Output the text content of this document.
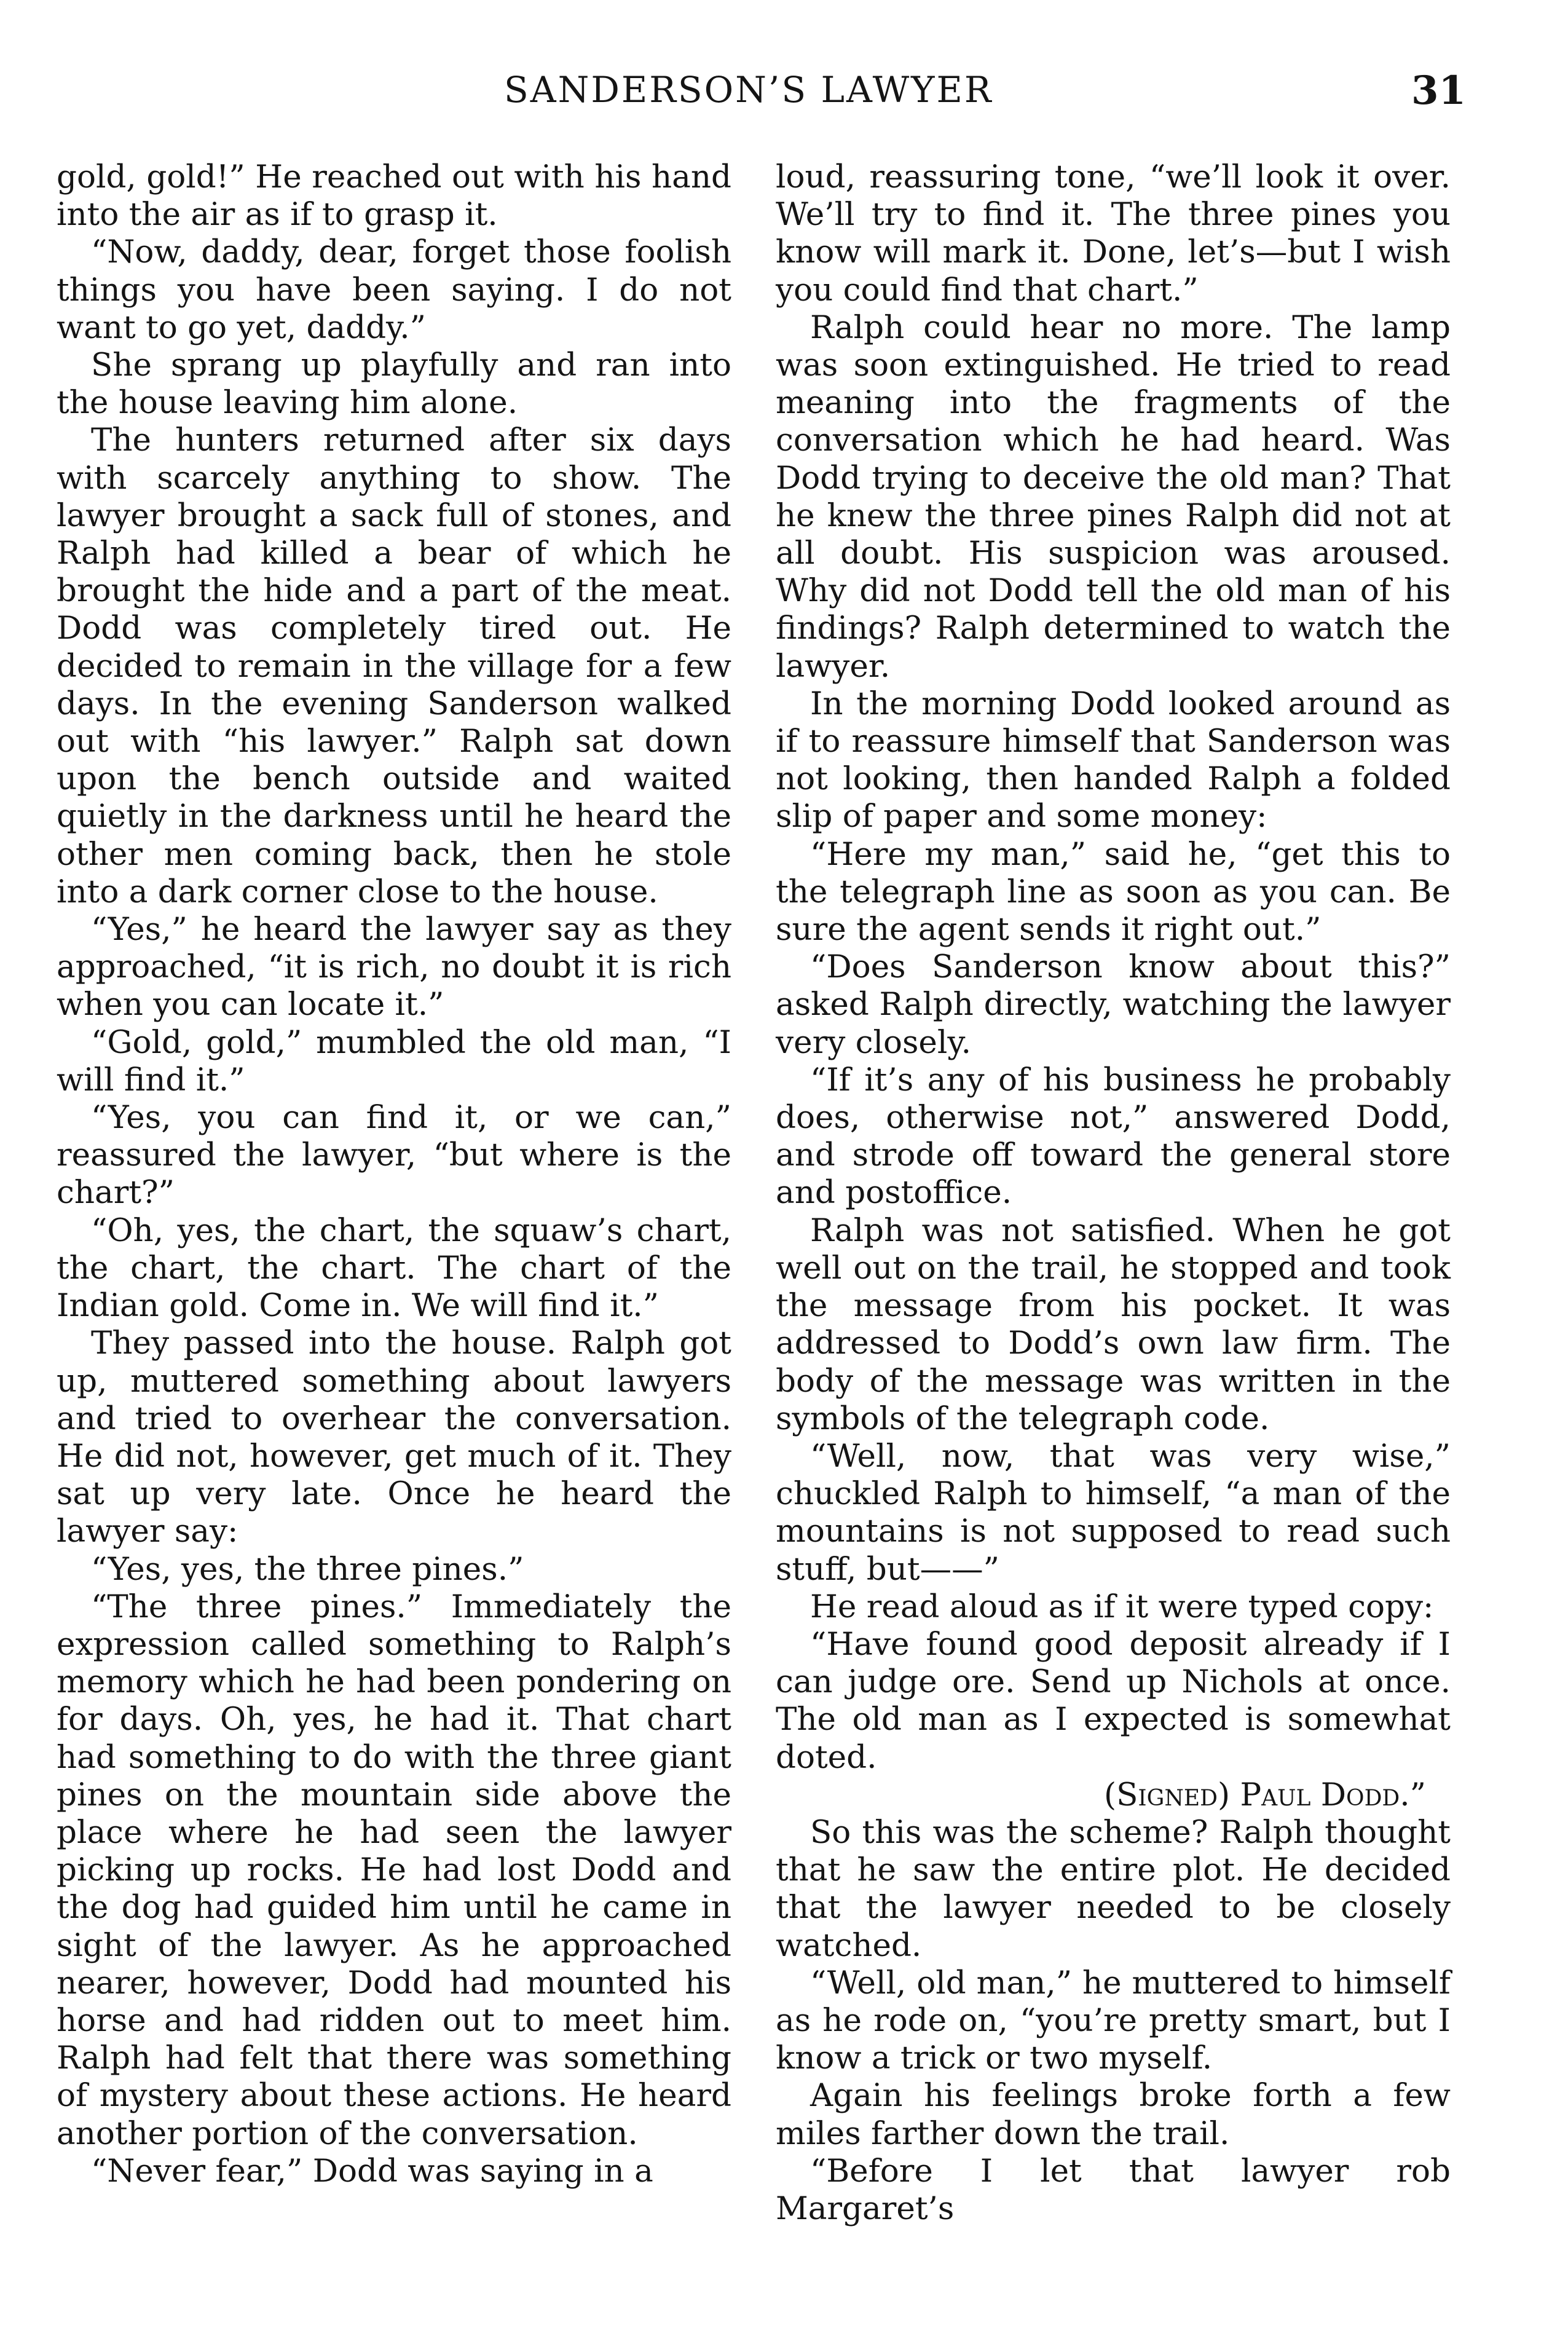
SANDERSON’S LAWYER	31

gold, gold!” He reached out with his hand into the air as if to grasp it.

“Now, daddy, dear, forget those foolish things you have been saying. I do not want to go yet, daddy.”

She sprang up playfully and ran into the house leaving him alone.

The hunters returned after six days with scarcely anything to show. The lawyer brought a sack full of stones, and Ralph had killed a bear of which he brought the hide and a part of the meat. Dodd was completely tired out. He decided to remain in the village for a few days. In the evening Sanderson walked out with “his lawyer.” Ralph sat down upon the bench outside and waited quietly in the darkness until he heard the other men coming back, then he stole into a dark corner close to the house.

“Yes,” he heard the lawyer say as they approached, “it is rich, no doubt it is rich when you can locate it.”

“Gold, gold,” mumbled the old man, “I will find it.”

“Yes, you can find it, or we can,” reassured the lawyer, “but where is the chart?”

“Oh, yes, the chart, the squaw’s chart, the chart, the chart. The chart of the Indian gold. Come in. We will find it.”

They passed into the house. Ralph got up, muttered something about lawyers and tried to overhear the conversation. He did not, however, get much of it. They sat up very late. Once he heard the lawyer say:

“Yes, yes, the three pines.”

“The three pines.” Immediately the expression called something to Ralph’s memory which he had been pondering on for days. Oh, yes, he had it. That chart had something to do with the three giant pines on the mountain side above the place where he had seen the lawyer picking up rocks. He had lost Dodd and the dog had guided him until he came in sight of the lawyer. As he approached nearer, however, Dodd had mounted his horse and had ridden out to meet him. Ralph had felt that there was something of mystery about these actions. He heard another portion of the conversation.

“Never fear,” Dodd was saying in a

loud, reassuring tone, “we’ll look it over. We’ll try to find it. The three pines you know will mark it. Done, let’s—but I wish you could find that chart.”

Ralph could hear no more. The lamp was soon extinguished. He tried to read meaning into the fragments of the conversation which he had heard. Was Dodd trying to deceive the old man? That he knew the three pines Ralph did not at all doubt. His suspicion was aroused. Why did not Dodd tell the old man of his findings? Ralph determined to watch the lawyer.

In the morning Dodd looked around as if to reassure himself that Sanderson was not looking, then handed Ralph a folded slip of paper and some money:

“Here my man,” said he, “get this to the telegraph line as soon as you can. Be sure the agent sends it right out.”

“Does Sanderson know about this?” asked Ralph directly, watching the lawyer very closely.

“If it’s any of his business he probably does, otherwise not,” answered Dodd, and strode off toward the general store and postoffice.

Ralph was not satisfied. When he got well out on the trail, he stopped and took the message from his pocket. It was addressed to Dodd’s own law firm. The body of the message was written in the symbols of the telegraph code.

“Well, now, that was very wise,” chuckled Ralph to himself, “a man of the mountains is not supposed to read such stuff, but——”

He read aloud as if it were typed copy:

“Have found good deposit already if I can judge ore. Send up Nichols at once. The old man as I expected is somewhat doted.

(Signed) Paul Dodd.”

So this was the scheme? Ralph thought that he saw the entire plot. He decided that the lawyer needed to be closely watched.

“Well, old man,” he muttered to himself as he rode on, “you’re pretty smart, but I know a trick or two myself.

Again his feelings broke forth a few miles farther down the trail.

“Before I let that lawyer rob Margaret’s
